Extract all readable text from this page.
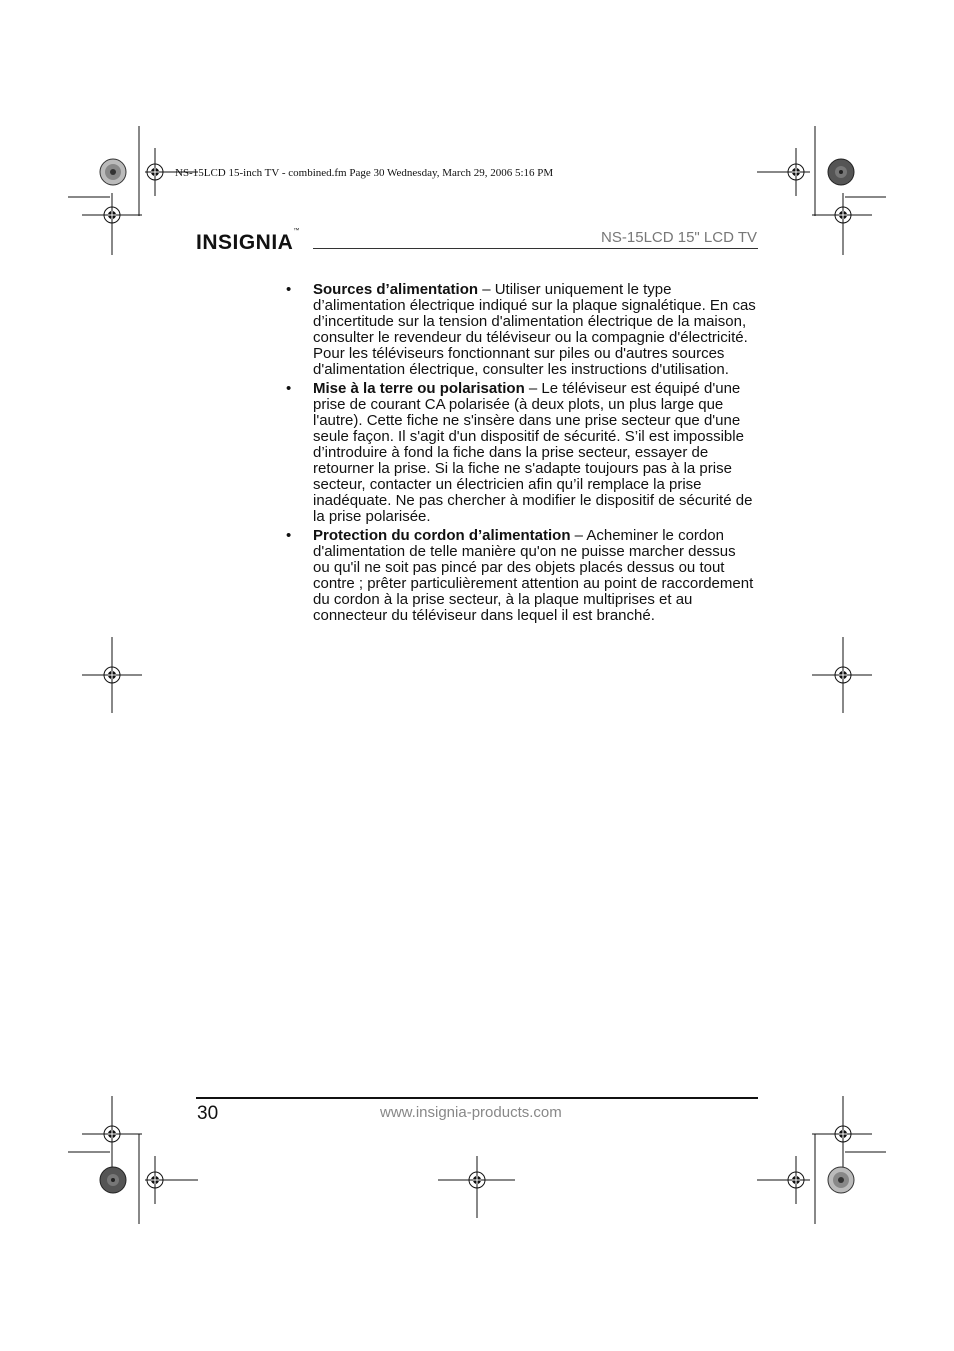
NS-15LCD 15-inch TV - combined.fm Page 30 Wednesday, March 29, 2006 5:16 PM
INSIGNIA™	NS-15LCD 15" LCD TV
• Sources d’alimentation – Utiliser uniquement le type d’alimentation électrique indiqué sur la plaque signalétique. En cas d’incertitude sur la tension d'alimentation électrique de la maison, consulter le revendeur du téléviseur ou la compagnie d'électricité. Pour les téléviseurs fonctionnant sur piles ou d'autres sources d'alimentation électrique, consulter les instructions d'utilisation.
• Mise à la terre ou polarisation – Le téléviseur est équipé d'une prise de courant CA polarisée (à deux plots, un plus large que l'autre). Cette fiche ne s'insère dans une prise secteur que d'une seule façon. Il s'agit d'un dispositif de sécurité. S’il est impossible d’introduire à fond la fiche dans la prise secteur, essayer de retourner la prise. Si la fiche ne s'adapte toujours pas à la prise secteur, contacter un électricien afin qu’il remplace la prise inadéquate. Ne pas chercher à modifier le dispositif de sécurité de la prise polarisée.
• Protection du cordon d’alimentation – Acheminer le cordon d'alimentation de telle manière qu'on ne puisse marcher dessus ou qu'il ne soit pas pincé par des objets placés dessus ou tout contre ; prêter particulièrement attention au point de raccordement du cordon à la prise secteur, à la plaque multiprises et au connecteur du téléviseur dans lequel il est branché.
30	www.insignia-products.com
